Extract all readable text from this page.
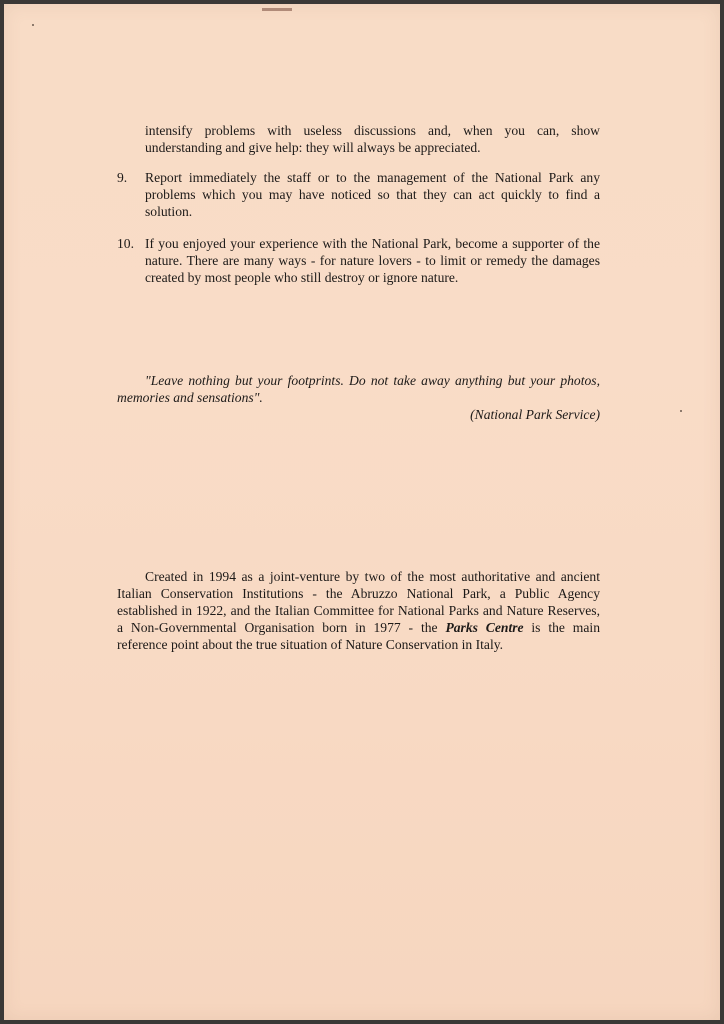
intensify problems with useless discussions and, when you can, show understanding and give help: they will always be appreciated.
9. Report immediately the staff or to the management of the National Park any problems which you may have noticed so that they can act quickly to find a solution.
10. If you enjoyed your experience with the National Park, become a supporter of the nature. There are many ways - for nature lovers - to limit or remedy the damages created by most people who still destroy or ignore nature.
"Leave nothing but your footprints. Do not take away anything but your photos, memories and sensations".
(National Park Service)
Created in 1994 as a joint-venture by two of the most authoritative and ancient Italian Conservation Institutions - the Abruzzo National Park, a Public Agency established in 1922, and the Italian Committee for National Parks and Nature Reserves, a Non-Governmental Organisation born in 1977 - the Parks Centre is the main reference point about the true situation of Nature Conservation in Italy.
